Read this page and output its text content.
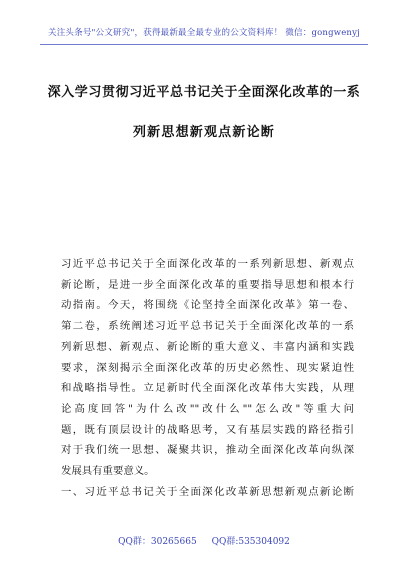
关注头条号"公文研究"，获得最新最全最专业的公文资料库！ 微信：gongwenyj
深入学习贯彻习近平总书记关于全面深化改革的一系
列新思想新观点新论断
习近平总书记关于全面深化改革的一系列新思想、新观点
新论断，是进一步全面深化改革的重要指导思想和根本行
动指南。今天，将围绕《论坚持全面深化改革》第一卷、
第二卷，系统阐述习近平总书记关于全面深化改革的一系
列新思想、新观点、新论断的重大意义、丰富内涵和实践
要求，深刻揭示全面深化改革的历史必然性、现实紧迫性
和战略指导性。立足新时代全面深化改革伟大实践，从理
论高度回答"为什么改""改什么""怎么改"等重大问
题，既有顶层设计的战略思考，又有基层实践的路径指引
对于我们统一思想、凝聚共识，推动全面深化改革向纵深
发展具有重要意义。
一、习近平总书记关于全面深化改革新思想新观点新论断
QQ群：30265665 QQ群:535304092
